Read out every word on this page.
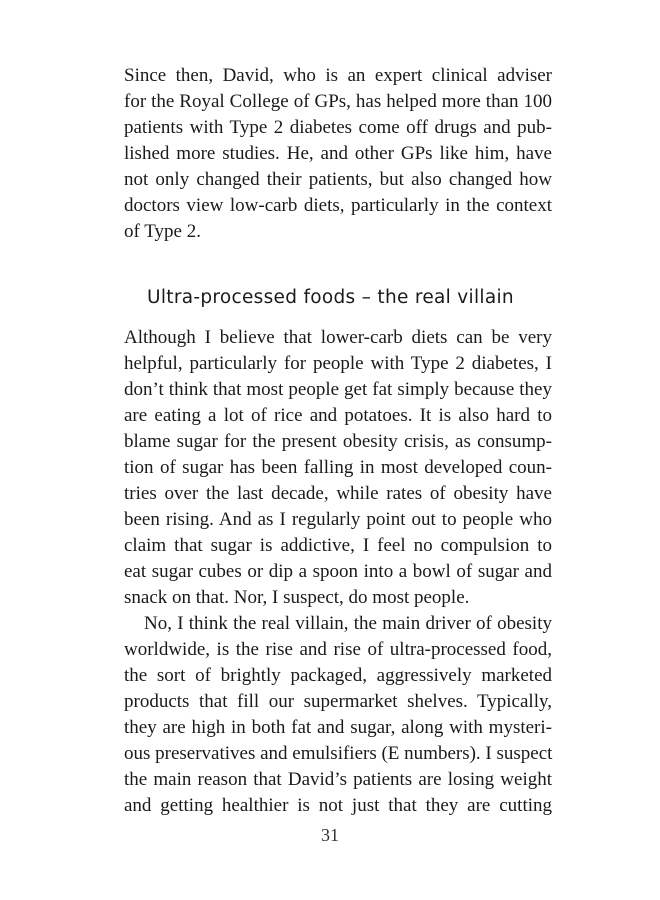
Since then, David, who is an expert clinical adviser
for the Royal College of GPs, has helped more than 100
patients with Type 2 diabetes come off drugs and pub-
lished more studies. He, and other GPs like him, have
not only changed their patients, but also changed how
doctors view low-carb diets, particularly in the context
of Type 2.
Ultra-processed foods – the real villain
Although I believe that lower-carb diets can be very
helpful, particularly for people with Type 2 diabetes, I
don’t think that most people get fat simply because they
are eating a lot of rice and potatoes. It is also hard to
blame sugar for the present obesity crisis, as consump-
tion of sugar has been falling in most developed coun-
tries over the last decade, while rates of obesity have
been rising. And as I regularly point out to people who
claim that sugar is addictive, I feel no compulsion to
eat sugar cubes or dip a spoon into a bowl of sugar and
snack on that. Nor, I suspect, do most people.
No, I think the real villain, the main driver of obesity
worldwide, is the rise and rise of ultra-processed food,
the sort of brightly packaged, aggressively marketed
products that fill our supermarket shelves. Typically,
they are high in both fat and sugar, along with mysteri-
ous preservatives and emulsifiers (E numbers). I suspect
the main reason that David’s patients are losing weight
and getting healthier is not just that they are cutting
31
